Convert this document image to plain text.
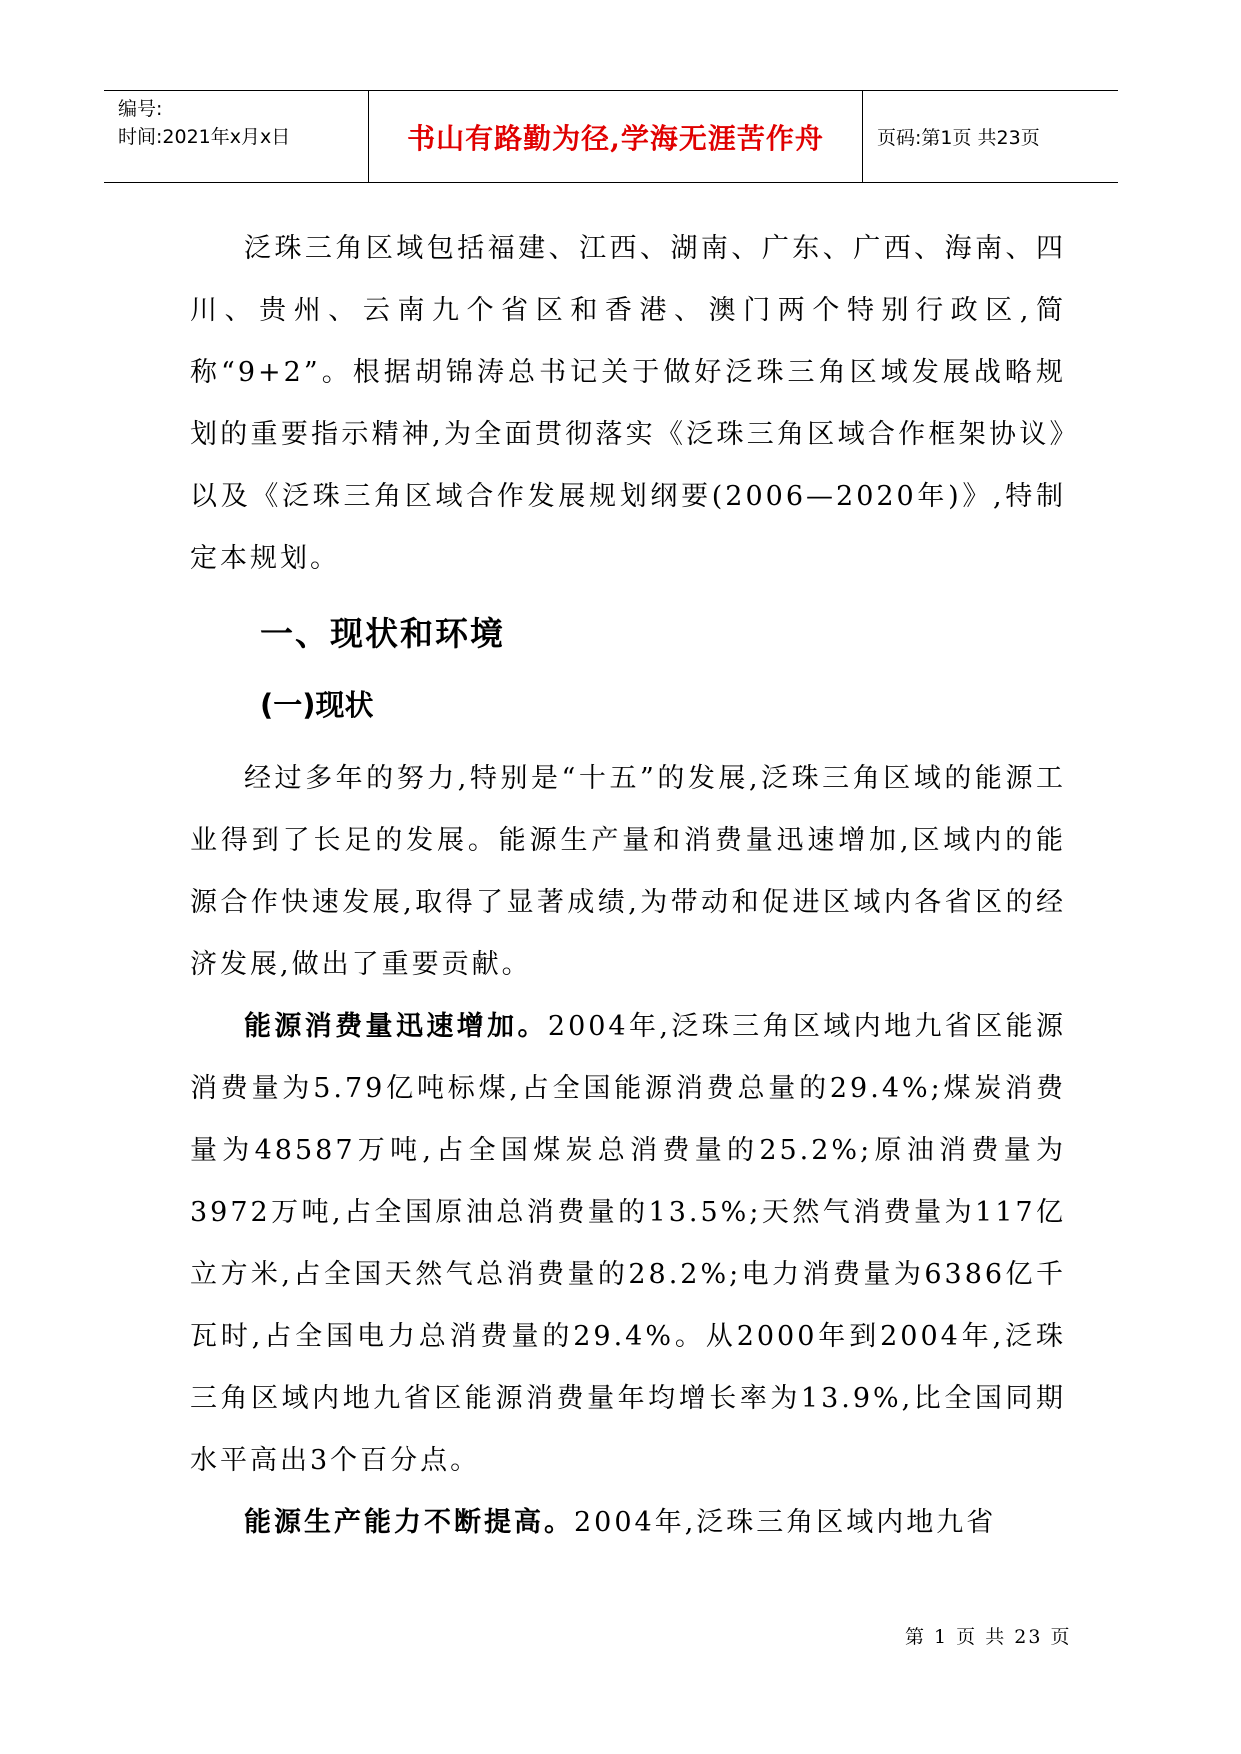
编号:
时间:2021年x月x日	书山有路勤为径,学海无涯苦作舟	页码:第1页 共23页

泛珠三角区域包括福建、江西、湖南、广东、广西、海南、四川、贵州、云南九个省区和香港、澳门两个特别行政区,简称“9+2”。根据胡锦涛总书记关于做好泛珠三角区域发展战略规划的重要指示精神,为全面贯彻落实《泛珠三角区域合作框架协议》以及《泛珠三角区域合作发展规划纲要(2006—2020年)》,特制定本规划。

一、现状和环境
(一)现状

经过多年的努力,特别是“十五”的发展,泛珠三角区域的能源工业得到了长足的发展。能源生产量和消费量迅速增加,区域内的能源合作快速发展,取得了显著成绩,为带动和促进区域内各省区的经济发展,做出了重要贡献。

能源消费量迅速增加。2004年,泛珠三角区域内地九省区能源消费量为5.79亿吨标煤,占全国能源消费总量的29.4%;煤炭消费量为48587万吨,占全国煤炭总消费量的25.2%;原油消费量为3972万吨,占全国原油总消费量的13.5%;天然气消费量为117亿立方米,占全国天然气总消费量的28.2%;电力消费量为6386亿千瓦时,占全国电力总消费量的29.4%。从2000年到2004年,泛珠三角区域内地九省区能源消费量年均增长率为13.9%,比全国同期水平高出3个百分点。

能源生产能力不断提高。2004年,泛珠三角区域内地九省

第 1 页 共 23 页
